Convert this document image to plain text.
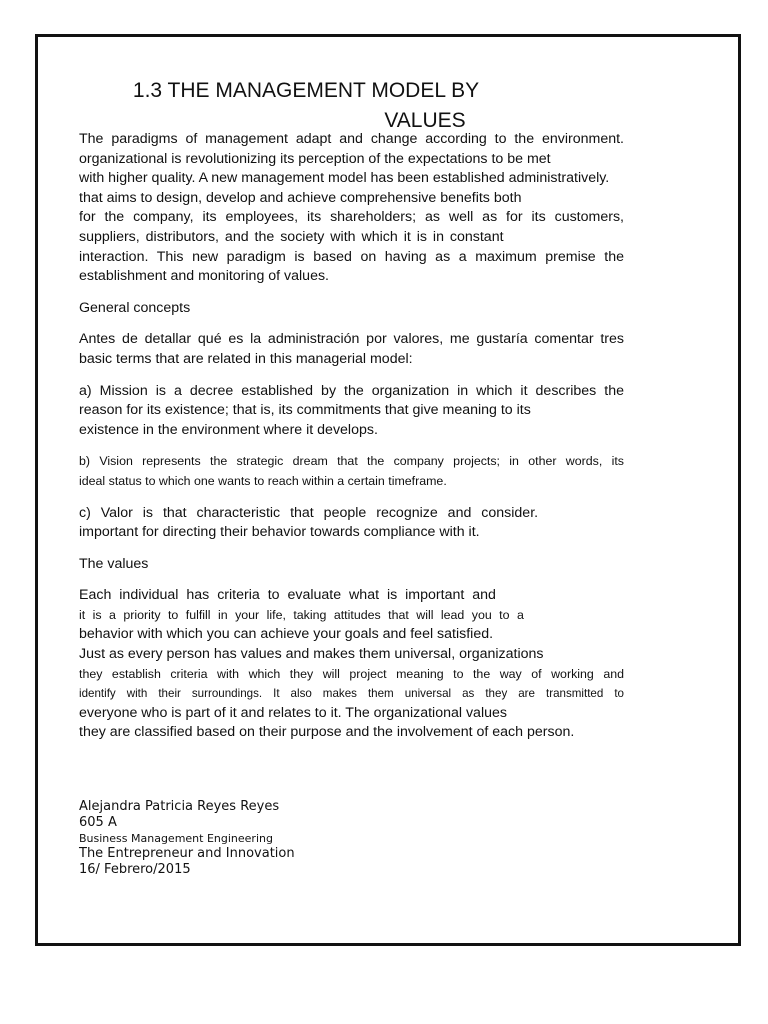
1.3 THE MANAGEMENT MODEL BY
VALUES
The paradigms of management adapt and change according to the environment.
organizational is revolutionizing its perception of the expectations to be met
with higher quality. A new management model has been established administratively.
that aims to design, develop and achieve comprehensive benefits both
for the company, its employees, its shareholders; as well as for its customers,
suppliers, distributors, and the society with which it is in constant
interaction. This new paradigm is based on having as a maximum premise the
establishment and monitoring of values.
General concepts
Antes de detallar qué es la administración por valores, me gustaría comentar tres
basic terms that are related in this managerial model:
a) Mission is a decree established by the organization in which it describes the
reason for its existence; that is, its commitments that give meaning to its
existence in the environment where it develops.
b) Vision represents the strategic dream that the company projects; in other words, its
ideal status to which one wants to reach within a certain timeframe.
c) Valor is that characteristic that people recognize and consider.
important for directing their behavior towards compliance with it.
The values
Each individual has criteria to evaluate what is important and
it is a priority to fulfill in your life, taking attitudes that will lead you to a
behavior with which you can achieve your goals and feel satisfied.
Just as every person has values and makes them universal, organizations
they establish criteria with which they will project meaning to the way of working and
identify with their surroundings. It also makes them universal as they are transmitted to
everyone who is part of it and relates to it. The organizational values
they are classified based on their purpose and the involvement of each person.
Alejandra Patricia Reyes Reyes
605 A
Business Management Engineering
The Entrepreneur and Innovation
16/ Febrero/2015
